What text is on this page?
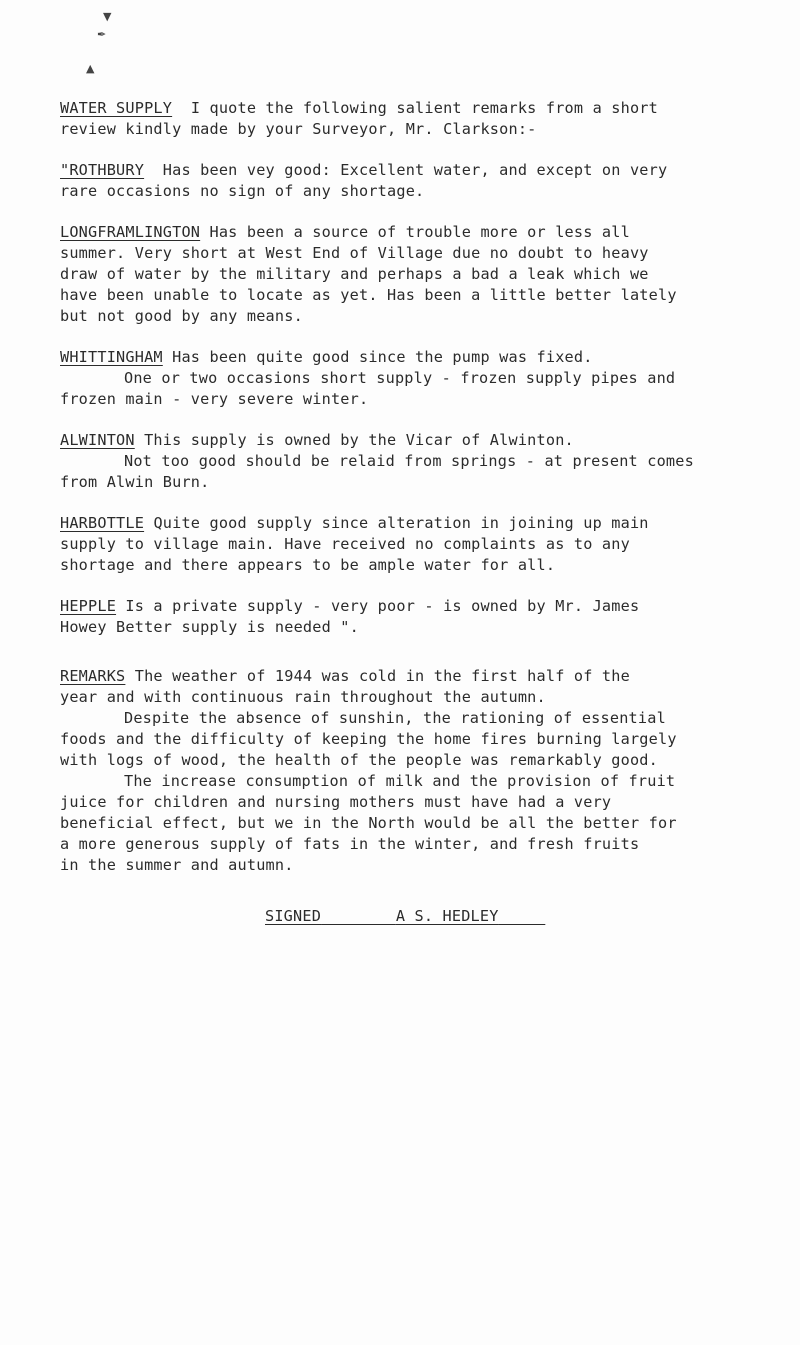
▼
✒
▲
WATER SUPPLY I quote the following salient remarks from a short
review kindly made by your Surveyor, Mr. Clarkson:-
"ROTHBURY Has been vey good: Excellent water, and except on very
rare occasions no sign of any shortage.
LONGFRAMLINGTON Has been a source of trouble more or less all
summer. Very short at West End of Village due no doubt to heavy
draw of water by the military and perhaps a bad a leak which we
have been unable to locate as yet. Has been a little better lately
but not good by any means.
WHITTINGHAM Has been quite good since the pump was fixed.
One or two occasions short supply - frozen supply pipes and
frozen main - very severe winter.
ALWINTON This supply is owned by the Vicar of Alwinton.
Not too good should be relaid from springs - at present comes
from Alwin Burn.
HARBOTTLE Quite good supply since alteration in joining up main
supply to village main. Have received no complaints as to any
shortage and there appears to be ample water for all.
HEPPLE Is a private supply - very poor - is owned by Mr. James
Howey Better supply is needed ".
REMARKS The weather of 1944 was cold in the first half of the
year and with continuous rain throughout the autumn.
Despite the absence of sunshin, the rationing of essential
foods and the difficulty of keeping the home fires burning largely
with logs of wood, the health of the people was remarkably good.
The increase consumption of milk and the provision of fruit
juice for children and nursing mothers must have had a very
beneficial effect, but we in the North would be all the better for
a more generous supply of fats in the winter, and fresh fruits
in the summer and autumn.
SIGNED	A S. HEDLEY
